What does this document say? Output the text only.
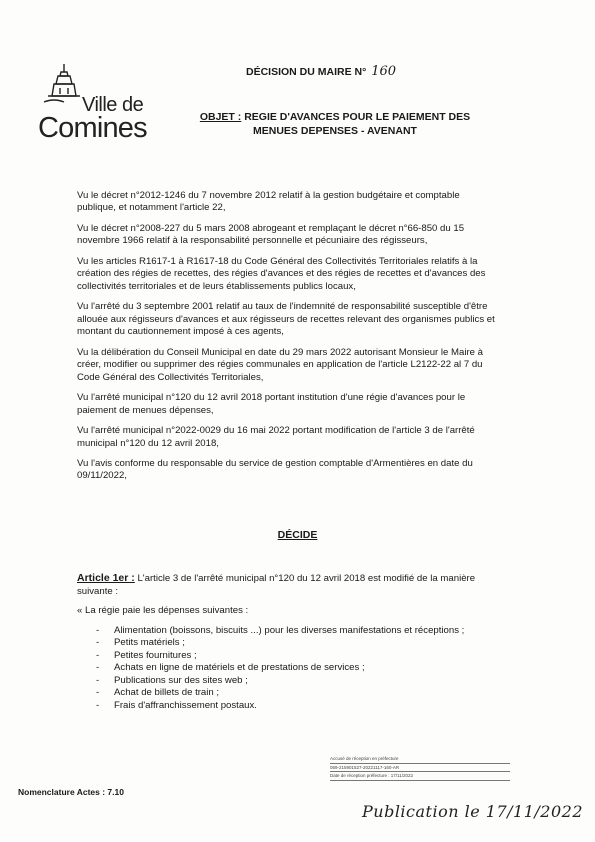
Ville de
Comines
DÉCISION DU MAIRE N° 160
OBJET : REGIE D'AVANCES POUR LE PAIEMENT DES
MENUES DEPENSES - AVENANT

Vu le décret n°2012-1246 du 7 novembre 2012 relatif à la gestion budgétaire et comptable publique, et notamment l'article 22,

Vu le décret n°2008-227 du 5 mars 2008 abrogeant et remplaçant le décret n°66-850 du 15 novembre 1966 relatif à la responsabilité personnelle et pécuniaire des régisseurs,

Vu les articles R1617-1 à R1617-18 du Code Général des Collectivités Territoriales relatifs à la création des régies de recettes, des régies d'avances et des régies de recettes et d'avances des collectivités territoriales et de leurs établissements publics locaux,

Vu l'arrêté du 3 septembre 2001 relatif au taux de l'indemnité de responsabilité susceptible d'être allouée aux régisseurs d'avances et aux régisseurs de recettes relevant des organismes publics et montant du cautionnement imposé à ces agents,

Vu la délibération du Conseil Municipal en date du 29 mars 2022 autorisant Monsieur le Maire à créer, modifier ou supprimer des régies communales en application de l'article L2122-22 al 7 du Code Général des Collectivités Territoriales,

Vu l'arrêté municipal n°120 du 12 avril 2018 portant institution d'une régie d'avances pour le paiement de menues dépenses,

Vu l'arrêté municipal n°2022-0029 du 16 mai 2022 portant modification de l'article 3 de l'arrêté municipal n°120 du 12 avril 2018,

Vu l'avis conforme du responsable du service de gestion comptable d'Armentières en date du 09/11/2022,

DÉCIDE
Article 1er : L'article 3 de l'arrêté municipal n°120 du 12 avril 2018 est modifié de la manière suivante :
« La régie paie les dépenses suivantes :
- Alimentation (boissons, biscuits ...) pour les diverses manifestations et réceptions ;
- Petits matériels ;
- Petites fournitures ;
- Achats en ligne de matériels et de prestations de services ;
- Publications sur des sites web ;
- Achat de billets de train ;
- Frais d'affranchissement postaux.
Accusé de réception en préfecture
059-215901527-20221117-160-AR
Date de réception préfecture : 17/11/2022
Nomenclature Actes : 7.10
Publication le 17/11/2022
